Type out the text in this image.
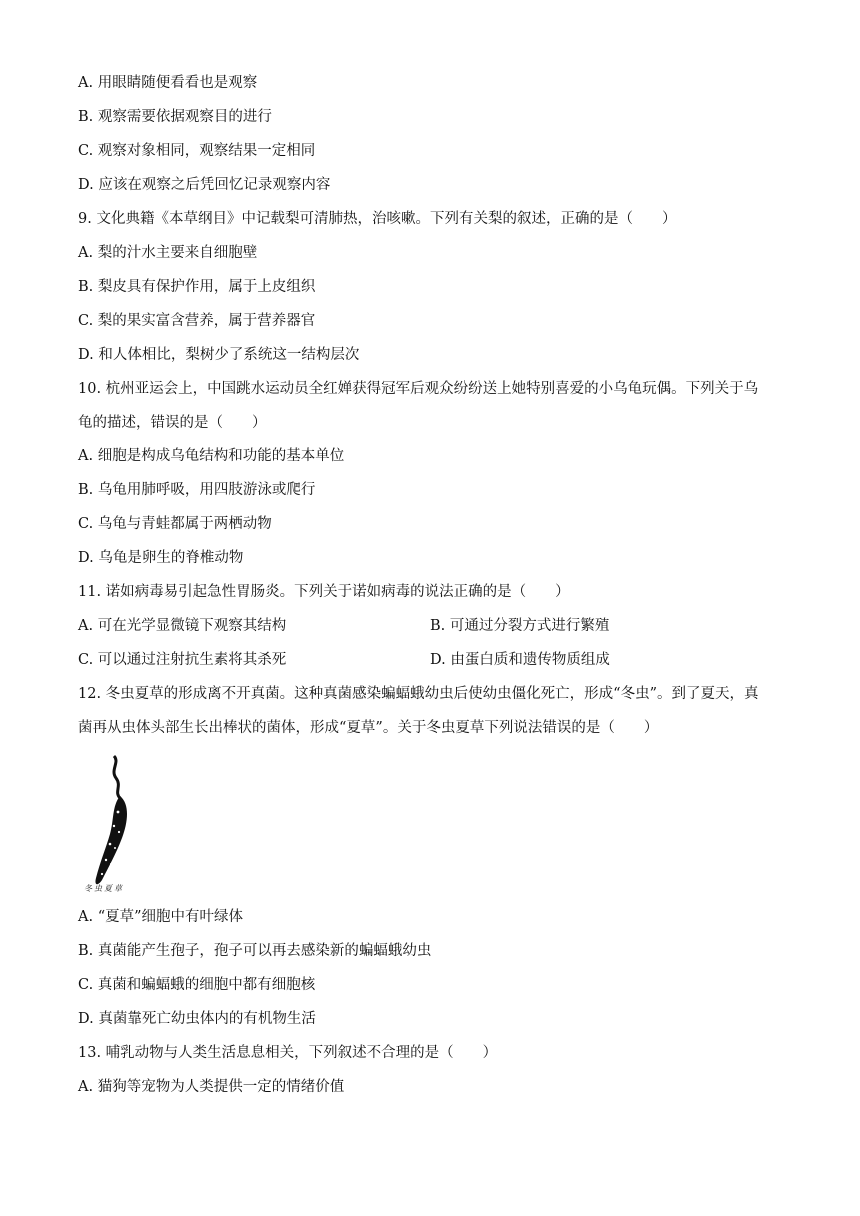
A. 用眼睛随便看看也是观察
B. 观察需要依据观察目的进行
C. 观察对象相同，观察结果一定相同
D. 应该在观察之后凭回忆记录观察内容
9. 文化典籍《本草纲目》中记载梨可清肺热，治咳嗽。下列有关梨的叙述，正确的是（　　）
A. 梨的汁水主要来自细胞壁
B. 梨皮具有保护作用，属于上皮组织
C. 梨的果实富含营养，属于营养器官
D. 和人体相比，梨树少了系统这一结构层次
10. 杭州亚运会上，中国跳水运动员全红婵获得冠军后观众纷纷送上她特别喜爱的小乌龟玩偶。下列关于乌
龟的描述，错误的是（　　）
A. 细胞是构成乌龟结构和功能的基本单位
B. 乌龟用肺呼吸，用四肢游泳或爬行
C. 乌龟与青蛙都属于两栖动物
D. 乌龟是卵生的脊椎动物
11. 诺如病毒易引起急性胃肠炎。下列关于诺如病毒的说法正确的是（　　）
A. 可在光学显微镜下观察其结构	B. 可通过分裂方式进行繁殖
C. 可以通过注射抗生素将其杀死	D. 由蛋白质和遗传物质组成
12. 冬虫夏草的形成离不开真菌。这种真菌感染蝙蝠蛾幼虫后使幼虫僵化死亡，形成“冬虫”。到了夏天，真
菌再从虫体头部生长出棒状的菌体，形成“夏草”。关于冬虫夏草下列说法错误的是（　　）
冬虫夏草
A. “夏草”细胞中有叶绿体
B. 真菌能产生孢子，孢子可以再去感染新的蝙蝠蛾幼虫
C. 真菌和蝙蝠蛾的细胞中都有细胞核
D. 真菌靠死亡幼虫体内的有机物生活
13. 哺乳动物与人类生活息息相关，下列叙述不合理的是（　　）
A. 猫狗等宠物为人类提供一定的情绪价值
